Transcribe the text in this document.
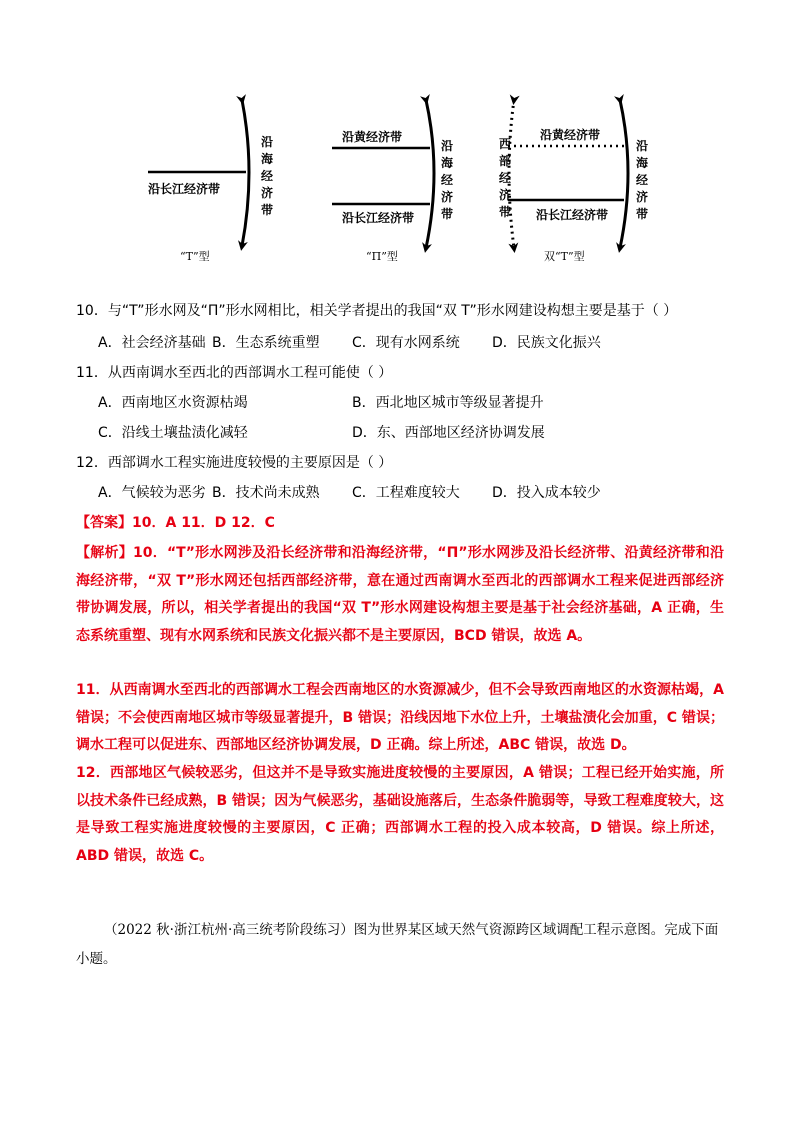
沿长江经济带
沿海经济带
“T”型
沿黄经济带
沿长江经济带
沿海经济带
“Π”型
沿黄经济带
沿长江经济带
西部经济带
沿海经济带
双“T”型
10．与“T”形水网及“Π”形水网相比，相关学者提出的我国“双 T”形水网建设构想主要是基于（ ）
A．社会经济基础 B．生态系统重塑 C．现有水网系统 D．民族文化振兴
11．从西南调水至西北的西部调水工程可能使（ ）
A．西南地区水资源枯竭	B．西北地区城市等级显著提升
C．沿线土壤盐渍化减轻	D．东、西部地区经济协调发展
12．西部调水工程实施进度较慢的主要原因是（ ）
A．气候较为恶劣 B．技术尚未成熟 C．工程难度较大 D．投入成本较少
【答案】10．A 11．D 12．C
【解析】10．“T”形水网涉及沿长经济带和沿海经济带，“Π”形水网涉及沿长经济带、沿黄经济带和沿海经济带，“双 T”形水网还包括西部经济带，意在通过西南调水至西北的西部调水工程来促进西部经济带协调发展，所以，相关学者提出的我国“双 T”形水网建设构想主要是基于社会经济基础，A 正确，生态系统重塑、现有水网系统和民族文化振兴都不是主要原因，BCD 错误，故选 A。
11．从西南调水至西北的西部调水工程会西南地区的水资源减少，但不会导致西南地区的水资源枯竭，A 错误；不会使西南地区城市等级显著提升，B 错误；沿线因地下水位上升，土壤盐渍化会加重，C 错误；调水工程可以促进东、西部地区经济协调发展，D 正确。综上所述，ABC 错误，故选 D。
12．西部地区气候较恶劣，但这并不是导致实施进度较慢的主要原因，A 错误；工程已经开始实施，所以技术条件已经成熟，B 错误；因为气候恶劣，基础设施落后，生态条件脆弱等，导致工程难度较大，这是导致工程实施进度较慢的主要原因，C 正确；西部调水工程的投入成本较高，D 错误。综上所述，ABD 错误，故选 C。
（2022 秋·浙江杭州·高三统考阶段练习）图为世界某区域天然气资源跨区域调配工程示意图。完成下面小题。
